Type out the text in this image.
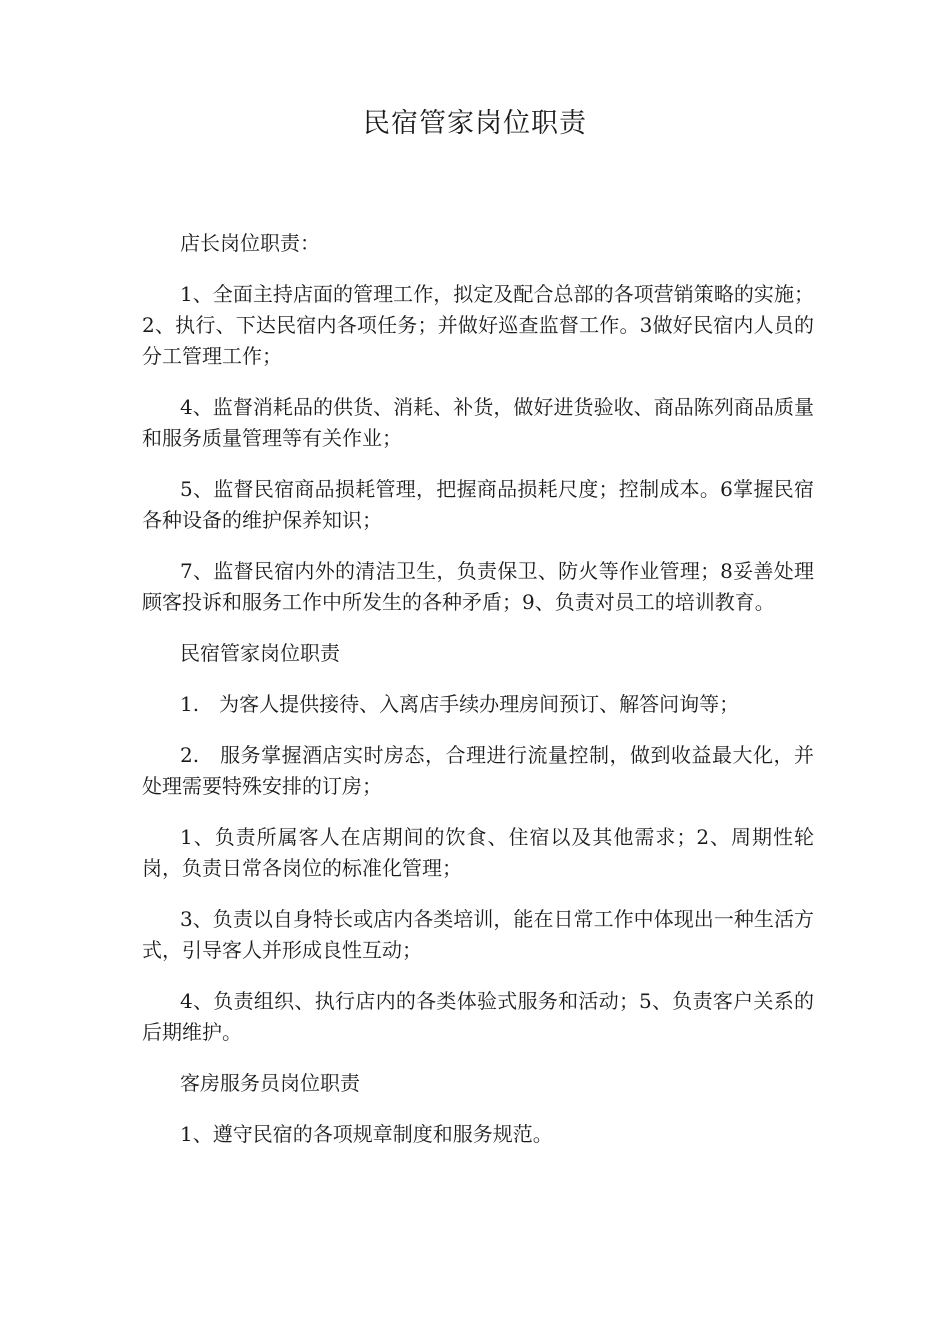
民宿管家岗位职责

店长岗位职责：

1、全面主持店面的管理工作，拟定及配合总部的各项营销策略的实施；2、执行、下达民宿内各项任务；并做好巡查监督工作。3做好民宿内人员的分工管理工作；

4、监督消耗品的供货、消耗、补货，做好进货验收、商品陈列商品质量和服务质量管理等有关作业；

5、监督民宿商品损耗管理，把握商品损耗尺度；控制成本。6掌握民宿各种设备的维护保养知识；

7、监督民宿内外的清洁卫生，负责保卫、防火等作业管理；8妥善处理顾客投诉和服务工作中所发生的各种矛盾；9、负责对员工的培训教育。

民宿管家岗位职责

1.　为客人提供接待、入离店手续办理房间预订、解答问询等；

2.　服务掌握酒店实时房态，合理进行流量控制，做到收益最大化，并处理需要特殊安排的订房；

1、负责所属客人在店期间的饮食、住宿以及其他需求；2、周期性轮岗，负责日常各岗位的标准化管理；

3、负责以自身特长或店内各类培训，能在日常工作中体现出一种生活方式，引导客人并形成良性互动；

4、负责组织、执行店内的各类体验式服务和活动；5、负责客户关系的后期维护。

客房服务员岗位职责

1、遵守民宿的各项规章制度和服务规范。
